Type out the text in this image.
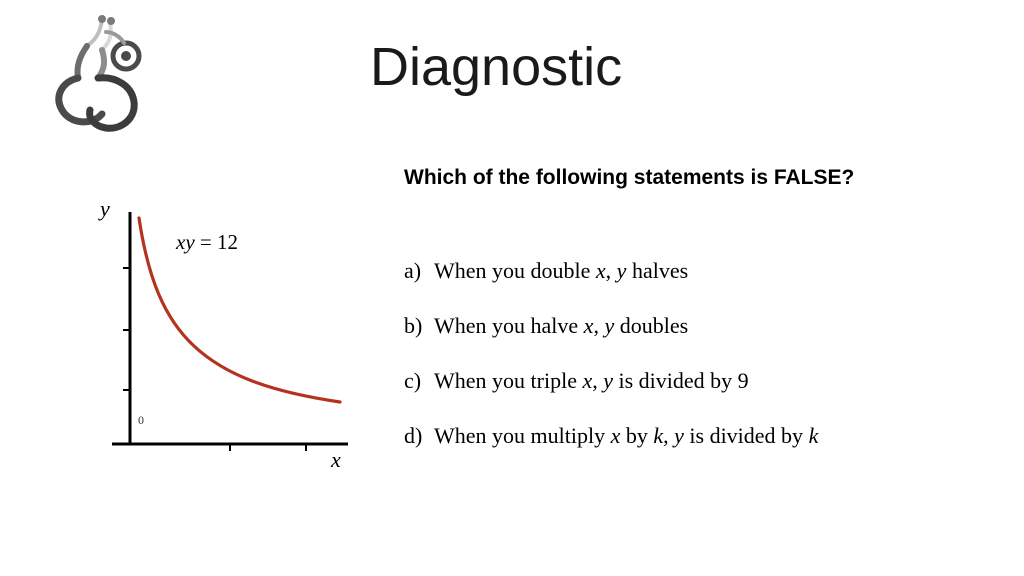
Diagnostic
y
x
xy = 12
0
Which of the following statements is FALSE?
a) When you double x, y halves
b) When you halve x, y doubles
c) When you triple x, y is divided by 9
d) When you multiply x by k, y is divided by k
